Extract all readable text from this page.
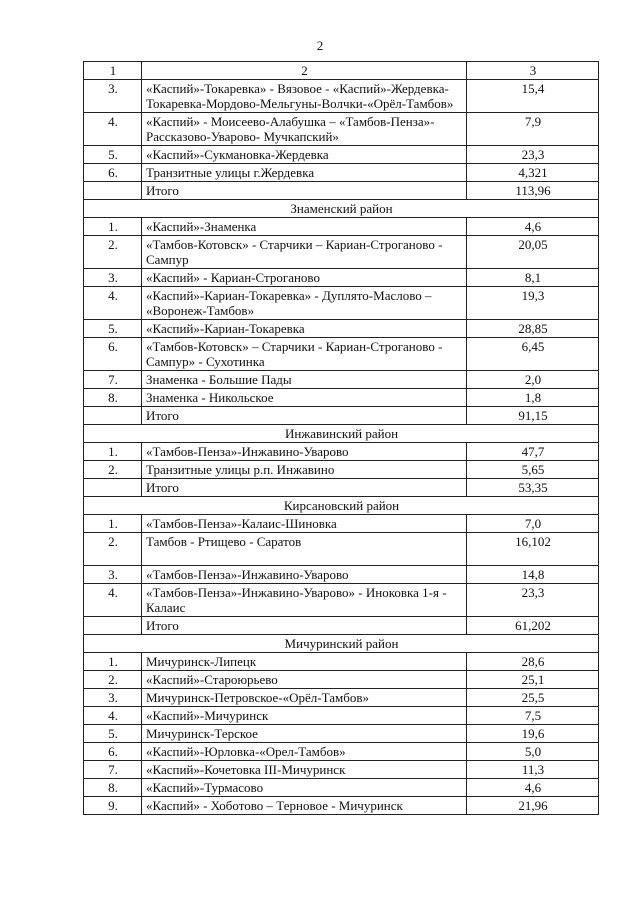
2
1	2	3
3.	«Каспий»-Токаревка» - Вязовое - «Каспий»-Жердевка-Токаревка-Мордово-Мельгуны-Волчки-«Орёл-Тамбов»	15,4
4.	«Каспий» - Моисеево-Алабушка – «Тамбов-Пенза»-Рассказово-Уварово- Мучкапский»	7,9
5.	«Каспий»-Сукмановка-Жердевка	23,3
6.	Транзитные улицы г.Жердевка	4,321
	Итого	113,96
Знаменский район		
1.	«Каспий»-Знаменка	4,6
2.	«Тамбов-Котовск» - Старчики – Кариан-Строганово - Сампур	20,05
3.	«Каспий» - Кариан-Строганово	8,1
4.	«Каспий»-Кариан-Токаревка» - Дуплято-Маслово – «Воронеж-Тамбов»	19,3
5.	«Каспий»-Кариан-Токаревка	28,85
6.	«Тамбов-Котовск» – Старчики - Кариан-Строганово - Сампур» - Сухотинка	6,45
7.	Знаменка - Большие Пады	2,0
8.	Знаменка - Никольское	1,8
	Итого	91,15
Инжавинский район		
1.	«Тамбов-Пенза»-Инжавино-Уварово	47,7
2.	Транзитные улицы р.п. Инжавино	5,65
	Итого	53,35
Кирсановский район		
1.	«Тамбов-Пенза»-Калаис-Шиновка	7,0
2.	Тамбов - Ртищево - Саратов	16,102
3.	«Тамбов-Пенза»-Инжавино-Уварово	14,8
4.	«Тамбов-Пенза»-Инжавино-Уварово» - Иноковка 1-я - Калаис	23,3
	Итого	61,202
Мичуринский район		
1.	Мичуринск-Липецк	28,6
2.	«Каспий»-Староюрьево	25,1
3.	Мичуринск-Петровское-«Орёл-Тамбов»	25,5
4.	«Каспий»-Мичуринск	7,5
5.	Мичуринск-Терское	19,6
6.	«Каспий»-Юрловка-«Орел-Тамбов»	5,0
7.	«Каспий»-Кочетовка III-Мичуринск	11,3
8.	«Каспий»-Турмасово	4,6
9.	«Каспий» - Хоботово – Терновое - Мичуринск	21,96
